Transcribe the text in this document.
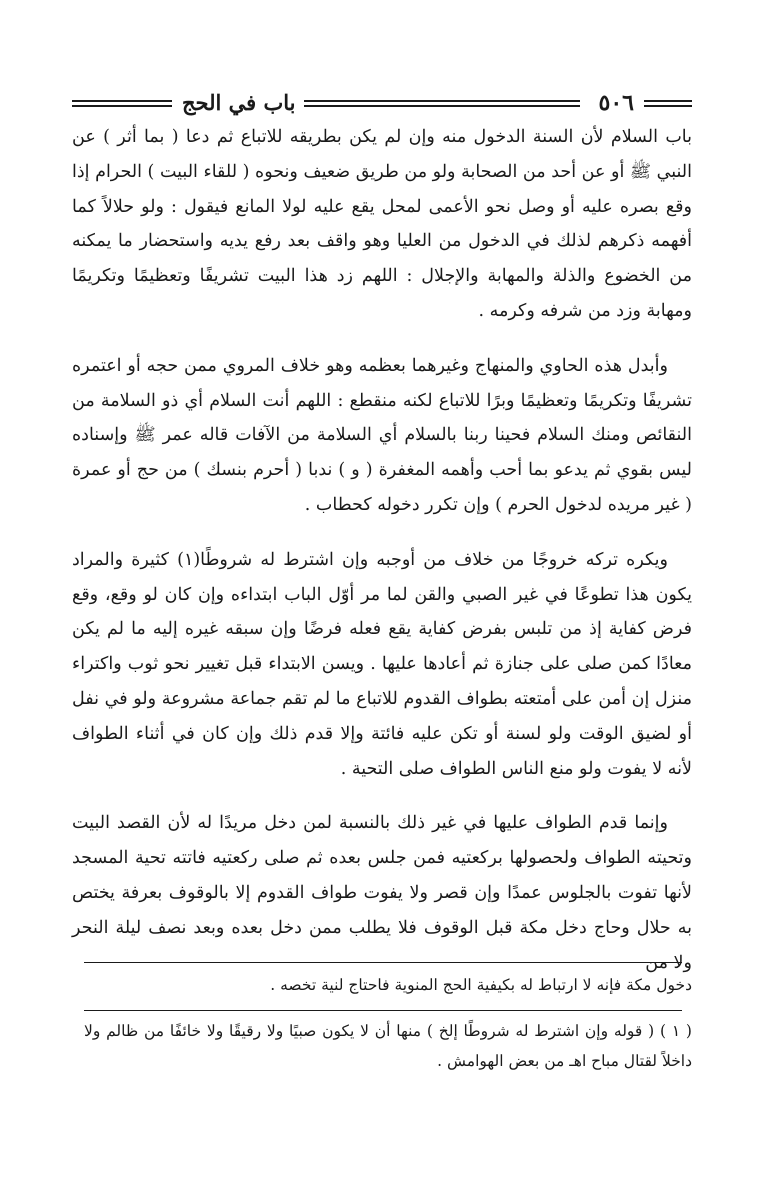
٥٠٦
باب في الحج

باب السلام لأن السنة الدخول منه وإن لم يكن بطريقه للاتباع ثم دعا ( بما أثر ) عن النبي ﷺ أو عن أحد من الصحابة ولو من طريق ضعيف ونحوه ( للقاء البيت ) الحرام إذا وقع بصره عليه أو وصل نحو الأعمى لمحل يقع عليه لولا المانع فيقول : ولو حلالاً كما أفهمه ذكرهم لذلك في الدخول من العليا وهو واقف بعد رفع يديه واستحضار ما يمكنه من الخضوع والذلة والمهابة والإجلال : اللهم زد هذا البيت تشريفًا وتعظيمًا وتكريمًا ومهابة وزد من شرفه وكرمه .

وأبدل هذه الحاوي والمنهاج وغيرهما بعظمه وهو خلاف المروي ممن حجه أو اعتمره تشريفًا وتكريمًا وتعظيمًا وبرًا للاتباع لكنه منقطع : اللهم أنت السلام أي ذو السلامة من النقائص ومنك السلام فحينا ربنا بالسلام أي السلامة من الآفات قاله عمر ﷺ وإسناده ليس بقوي ثم يدعو بما أحب وأهمه المغفرة ( و ) ندبا ( أحرم بنسك ) من حج أو عمرة ( غير مريده لدخول الحرم ) وإن تكرر دخوله كحطاب .

ويكره تركه خروجًا من خلاف من أوجبه وإن اشترط له شروطًا(١) كثيرة والمراد يكون هذا تطوعًا في غير الصبي والقن لما مر أوّل الباب ابتداءه وإن كان لو وقع، وقع فرض كفاية إذ من تلبس بفرض كفاية يقع فعله فرضًا وإن سبقه غيره إليه ما لم يكن معادًا كمن صلى على جنازة ثم أعادها عليها . ويسن الابتداء قبل تغيير نحو ثوب واكتراء منزل إن أمن على أمتعته بطواف القدوم للاتباع ما لم تقم جماعة مشروعة ولو في نفل أو لضيق الوقت ولو لسنة أو تكن عليه فائتة وإلا قدم ذلك وإن كان في أثناء الطواف لأنه لا يفوت ولو منع الناس الطواف صلى التحية .

وإنما قدم الطواف عليها في غير ذلك بالنسبة لمن دخل مريدًا له لأن القصد البيت وتحيته الطواف ولحصولها بركعتيه فمن جلس بعده ثم صلى ركعتيه فاتته تحية المسجد لأنها تفوت بالجلوس عمدًا وإن قصر ولا يفوت طواف القدوم إلا بالوقوف بعرفة يختص به حلال وحاج دخل مكة قبل الوقوف فلا يطلب ممن دخل بعده وبعد نصف ليلة النحر ولا من

دخول مكة فإنه لا ارتباط له بكيفية الحج المنوية فاحتاج لنية تخصه .
( ١ ) ( قوله وإن اشترط له شروطًا إلخ ) منها أن لا يكون صبيًا ولا رقيقًا ولا خائفًا من ظالم ولا داخلاً لقتال مباح اهـ من بعض الهوامش .
